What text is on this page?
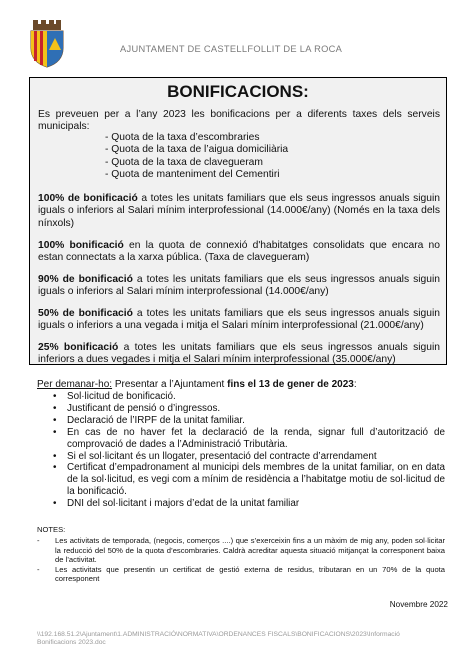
AJUNTAMENT DE CASTELLFOLLIT DE LA ROCA
BONIFICACIONS:

Es preveuen per a l’any 2023 les bonificacions per a diferents taxes dels serveis municipals:

- Quota de la taxa d’escombraries
- Quota de la taxa de l’aigua domiciliària
- Quota de la taxa de clavegueram
- Quota de manteniment del Cementiri

100% de bonificació a totes les unitats familiars que els seus ingressos anuals siguin iguals o inferiors al Salari mínim interprofessional (14.000€/any) (Només en la taxa dels nínxols)

100% bonificació en la quota de connexió d'habitatges consolidats que encara no estan connectats a la xarxa pública. (Taxa de clavegueram)

90% de bonificació a totes les unitats familiars que els seus ingressos anuals siguin iguals o inferiors al Salari mínim interprofessional (14.000€/any)

50% de bonificació a totes les unitats familiars que els seus ingressos anuals siguin iguals o inferiors a una vegada i mitja el Salari mínim interprofessional (21.000€/any)

25% bonificació a totes les unitats familiars que els seus ingressos anuals siguin inferiors a dues vegades i mitja el Salari mínim interprofessional (35.000€/any)

Per demanar-ho: Presentar a l’Ajuntament fins el 13 de gener de 2023:
• Sol·licitud de bonificació.
• Justificant de pensió o d’ingressos.
• Declaració de l’IRPF de la unitat familiar.
• En cas de no haver fet la declaració de la renda, signar full d’autorització de comprovació de dades a l’Administració Tributària.
• Si el sol·licitant és un llogater, presentació del contracte d’arrendament
• Certificat d’empadronament al municipi dels membres de la unitat familiar, on en data de la sol·licitud, es vegi com a mínim de residència a l’habitatge motiu de sol·licitud de la bonificació.
• DNI del sol·licitant i majors d’edat de la unitat familiar
NOTES:
- Les activitats de temporada, (negocis, comerços ....) que s’exerceixin fins a un màxim de mig any, poden sol·licitar la reducció del 50% de la quota d’escombraries. Caldrà acreditar aquesta situació mitjançat la corresponent baixa de l’activitat.
- Les activitats que presentin un certificat de gestió externa de residus, tributaran en un 70% de la quota corresponent
Novembre 2022
\\192.168.51.2\Ajuntament\1.ADMINISTRACIÓ\NORMATIVA\ORDENANCES FISCALS\BONIFICACIONS\2023\Informació Bonificacions 2023.doc
